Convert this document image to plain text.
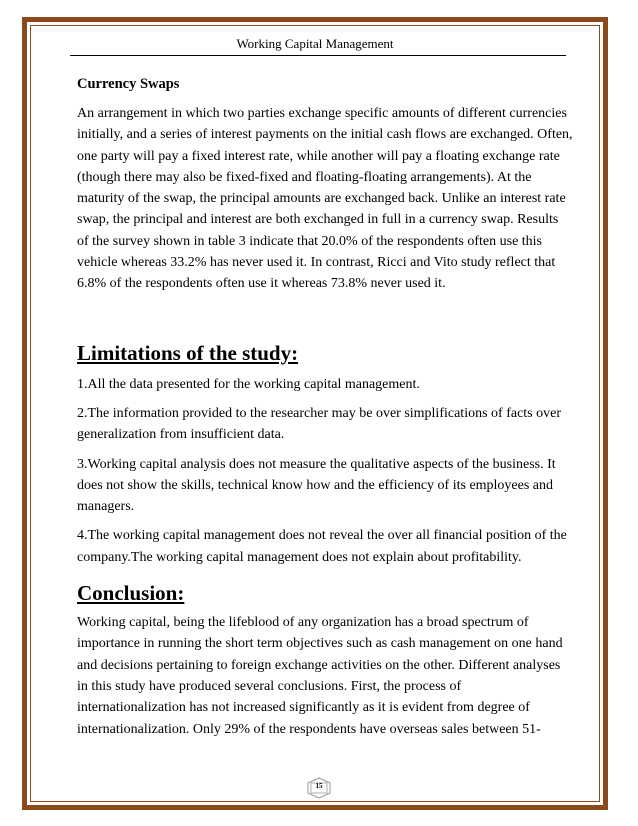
Working Capital Management

Currency Swaps

An arrangement in which two parties exchange specific amounts of different currencies initially, and a series of interest payments on the initial cash flows are exchanged. Often, one party will pay a fixed interest rate, while another will pay a floating exchange rate (though there may also be fixed-fixed and floating-floating arrangements). At the maturity of the swap, the principal amounts are exchanged back. Unlike an interest rate swap, the principal and interest are both exchanged in full in a currency swap. Results of the survey shown in table 3 indicate that 20.0% of the respondents often use this vehicle whereas 33.2% has never used it. In contrast, Ricci and Vito study reflect that 6.8% of the respondents often use it whereas 73.8% never used it.

Limitations of the study:

1.All the data presented for the working capital management.

2.The information provided to the researcher may be over simplifications of facts over generalization from insufficient data.

3.Working capital analysis does not measure the qualitative aspects of the business. It does not show the skills, technical know how and the efficiency of its employees and managers.

4.The working capital management does not reveal the over all financial position of the company.The working capital management does not explain about profitability.

Conclusion:

Working capital, being the lifeblood of any organization has a broad spectrum of importance in running the short term objectives such as cash management on one hand and decisions pertaining to foreign exchange activities on the other. Different analyses in this study have produced several conclusions. First, the process of internationalization has not increased significantly as it is evident from degree of internationalization. Only 29% of the respondents have overseas sales between 51-

15
